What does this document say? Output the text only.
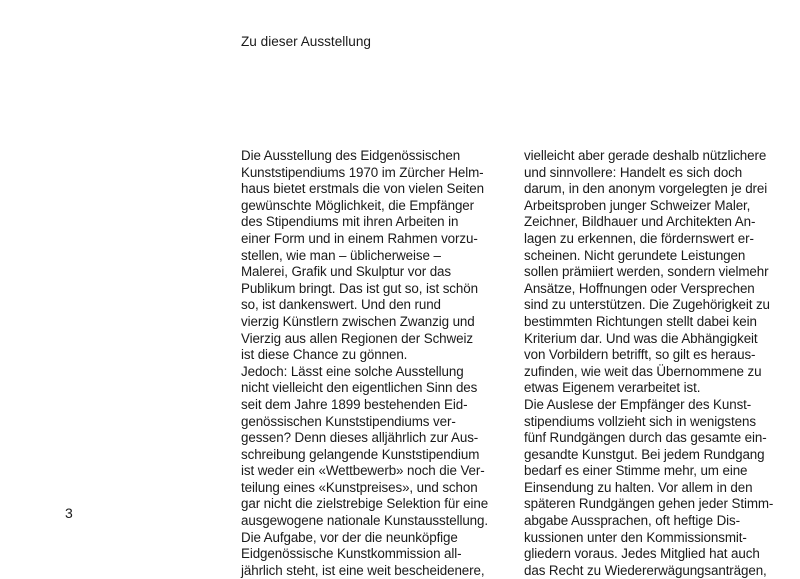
Zu dieser Ausstellung
Die Ausstellung des Eidgenössischen
Kunststipendiums 1970 im Zürcher Helm-
haus bietet erstmals die von vielen Seiten
gewünschte Möglichkeit, die Empfänger
des Stipendiums mit ihren Arbeiten in
einer Form und in einem Rahmen vorzu-
stellen, wie man – üblicherweise –
Malerei, Grafik und Skulptur vor das
Publikum bringt. Das ist gut so, ist schön
so, ist dankenswert. Und den rund
vierzig Künstlern zwischen Zwanzig und
Vierzig aus allen Regionen der Schweiz
ist diese Chance zu gönnen.
Jedoch: Lässt eine solche Ausstellung
nicht vielleicht den eigentlichen Sinn des
seit dem Jahre 1899 bestehenden Eid-
genössischen Kunststipendiums ver-
gessen? Denn dieses alljährlich zur Aus-
schreibung gelangende Kunststipendium
ist weder ein «Wettbewerb» noch die Ver-
teilung eines «Kunstpreises», und schon
gar nicht die zielstrebige Selektion für eine
ausgewogene nationale Kunstausstellung.
Die Aufgabe, vor der die neunköpfige
Eidgenössische Kunstkommission all-
jährlich steht, ist eine weit bescheidenere,
vielleicht aber gerade deshalb nützlichere
und sinnvollere: Handelt es sich doch
darum, in den anonym vorgelegten je drei
Arbeitsproben junger Schweizer Maler,
Zeichner, Bildhauer und Architekten An-
lagen zu erkennen, die fördernswert er-
scheinen. Nicht gerundete Leistungen
sollen prämiiert werden, sondern vielmehr
Ansätze, Hoffnungen oder Versprechen
sind zu unterstützen. Die Zugehörigkeit zu
bestimmten Richtungen stellt dabei kein
Kriterium dar. Und was die Abhängigkeit
von Vorbildern betrifft, so gilt es heraus-
zufinden, wie weit das Übernommene zu
etwas Eigenem verarbeitet ist.
Die Auslese der Empfänger des Kunst-
stipendiums vollzieht sich in wenigstens
fünf Rundgängen durch das gesamte ein-
gesandte Kunstgut. Bei jedem Rundgang
bedarf es einer Stimme mehr, um eine
Einsendung zu halten. Vor allem in den
späteren Rundgängen gehen jeder Stimm-
abgabe Aussprachen, oft heftige Dis-
kussionen unter den Kommissionsmit-
gliedern voraus. Jedes Mitglied hat auch
das Recht zu Wiedererwägungsanträgen,

3
